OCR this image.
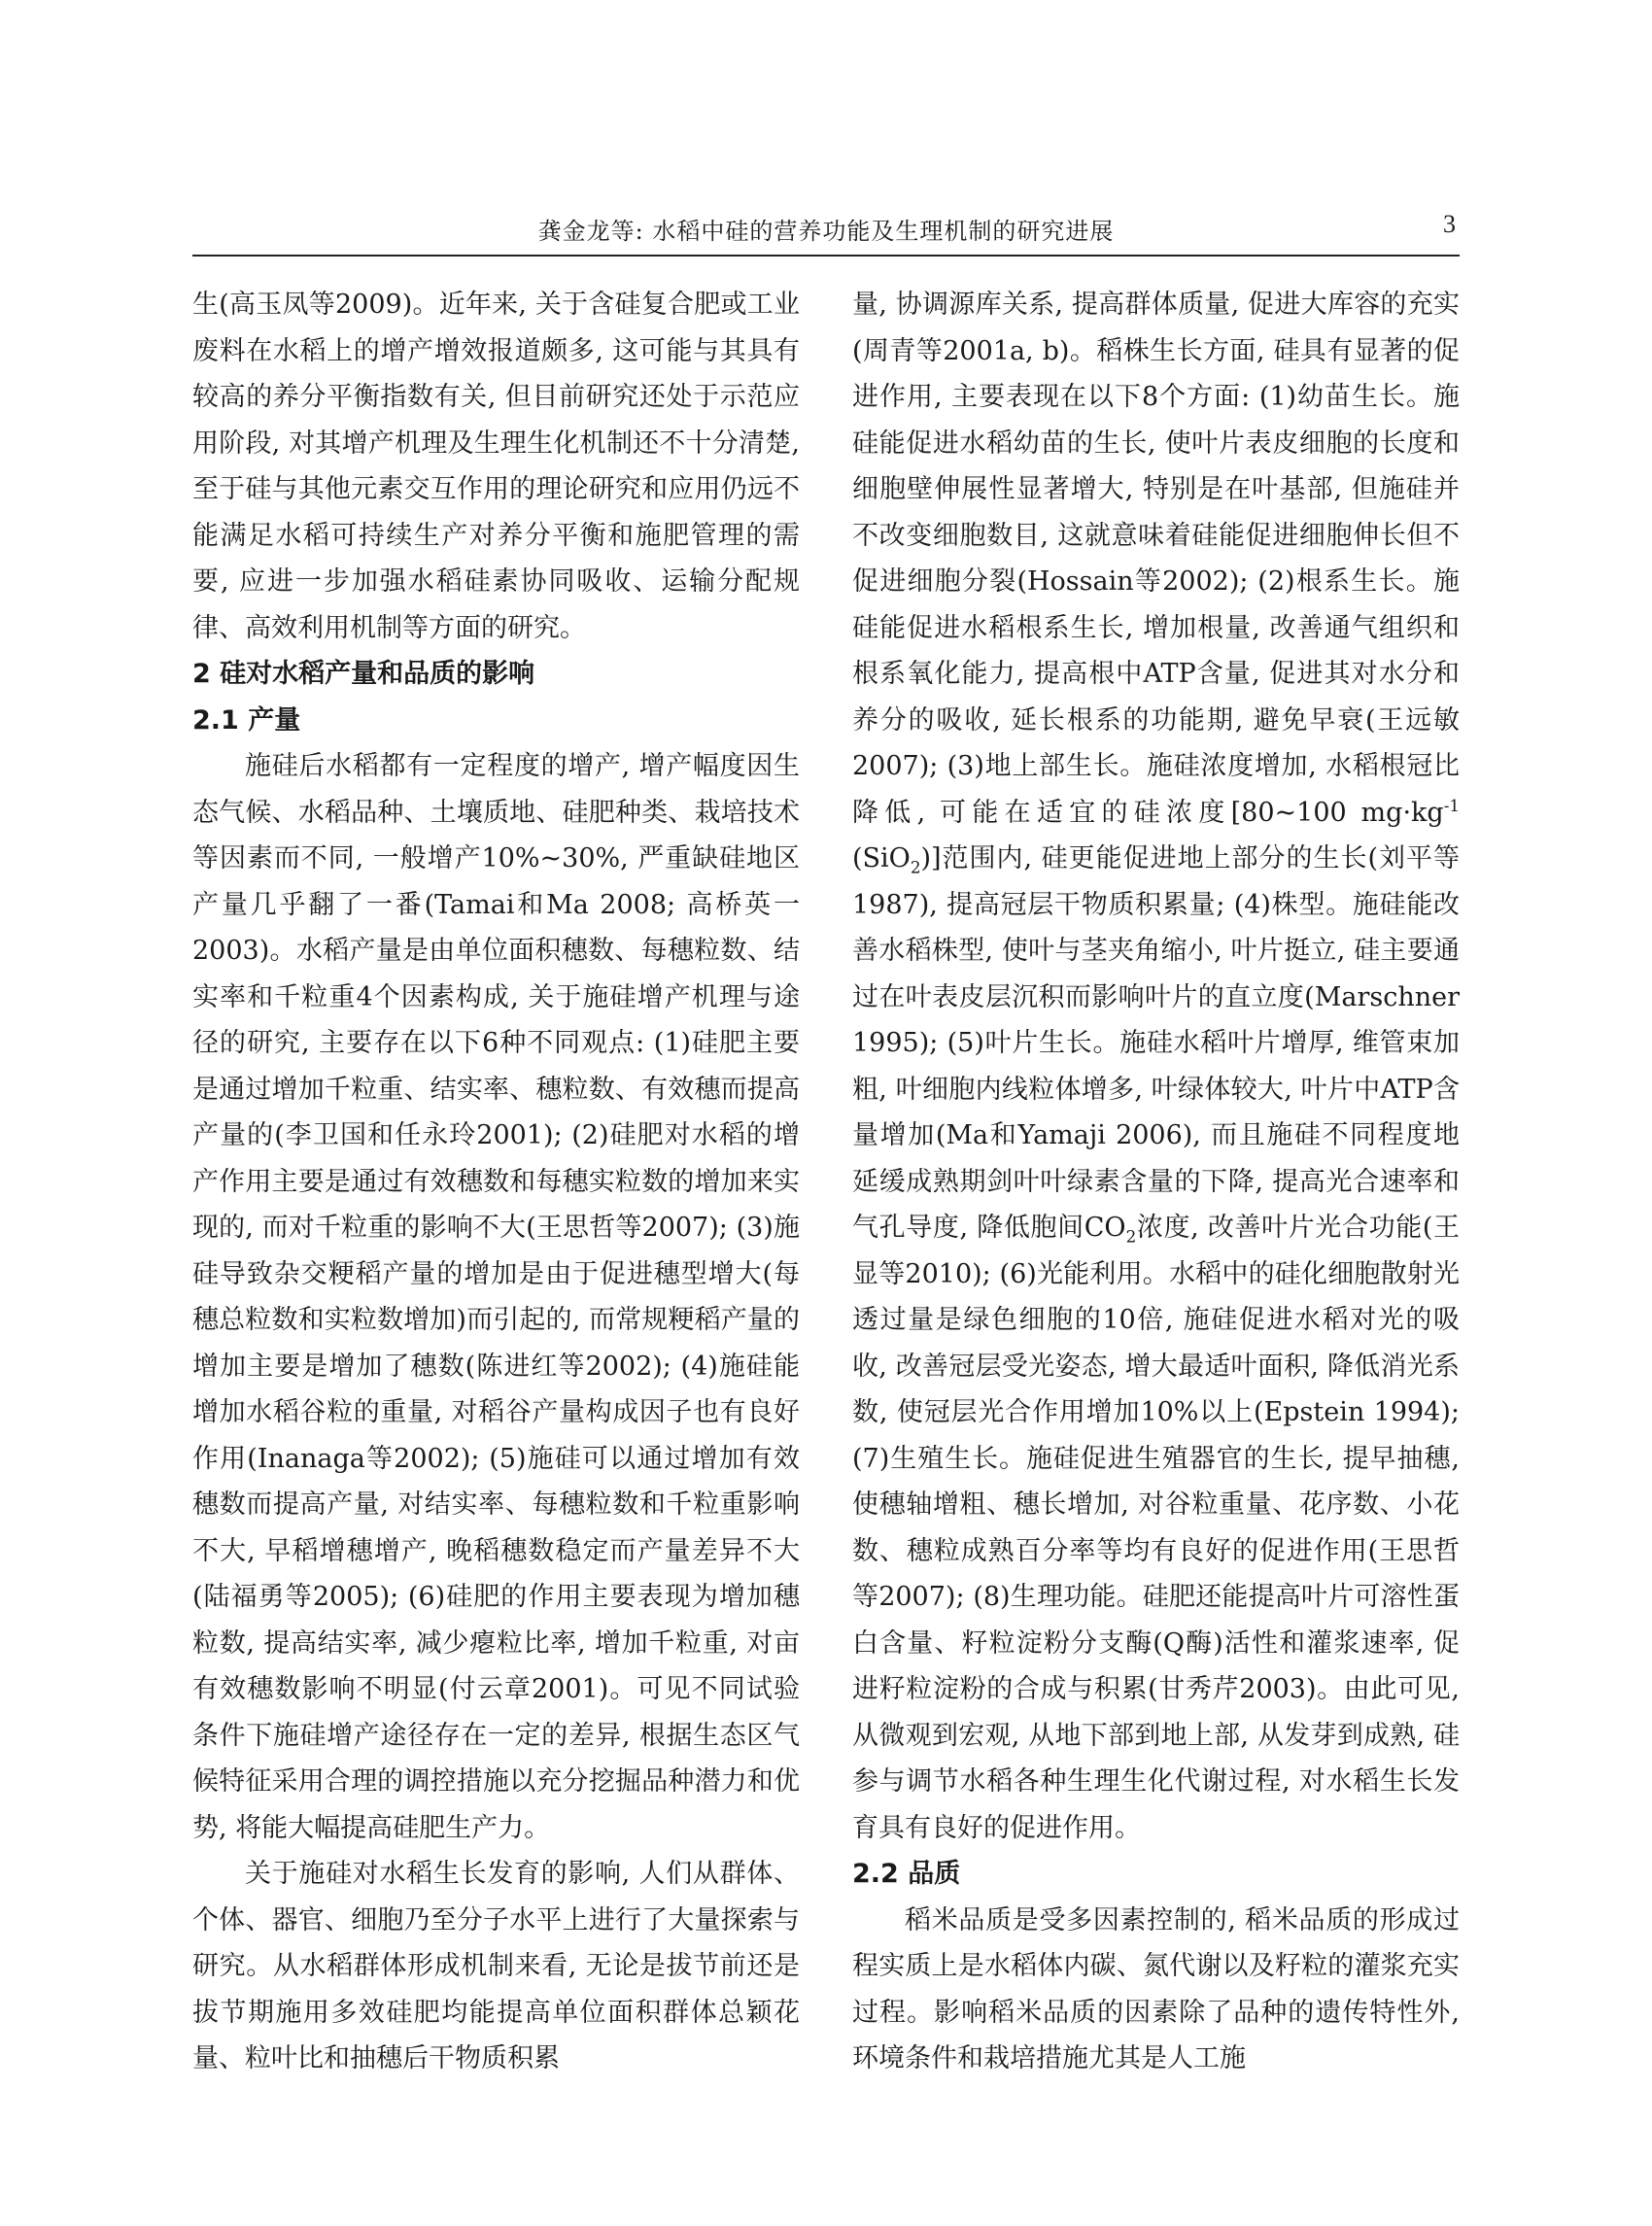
龚金龙等: 水稻中硅的营养功能及生理机制的研究进展	3

生(高玉凤等2009)。近年来, 关于含硅复合肥或工业废料在水稻上的增产增效报道颇多, 这可能与其具有较高的养分平衡指数有关, 但目前研究还处于示范应用阶段, 对其增产机理及生理生化机制还不十分清楚, 至于硅与其他元素交互作用的理论研究和应用仍远不能满足水稻可持续生产对养分平衡和施肥管理的需要, 应进一步加强水稻硅素协同吸收、运输分配规律、高效利用机制等方面的研究。

2 硅对水稻产量和品质的影响
2.1 产量

施硅后水稻都有一定程度的增产, 增产幅度因生态气候、水稻品种、土壤质地、硅肥种类、栽培技术等因素而不同, 一般增产10%~30%, 严重缺硅地区产量几乎翻了一番(Tamai和Ma 2008; 高桥英一2003)。水稻产量是由单位面积穗数、每穗粒数、结实率和千粒重4个因素构成, 关于施硅增产机理与途径的研究, 主要存在以下6种不同观点: (1)硅肥主要是通过增加千粒重、结实率、穗粒数、有效穗而提高产量的(李卫国和任永玲2001); (2)硅肥对水稻的增产作用主要是通过有效穗数和每穗实粒数的增加来实现的, 而对千粒重的影响不大(王思哲等2007); (3)施硅导致杂交粳稻产量的增加是由于促进穗型增大(每穗总粒数和实粒数增加)而引起的, 而常规粳稻产量的增加主要是增加了穗数(陈进红等2002); (4)施硅能增加水稻谷粒的重量, 对稻谷产量构成因子也有良好作用(Inanaga等2002); (5)施硅可以通过增加有效穗数而提高产量, 对结实率、每穗粒数和千粒重影响不大, 早稻增穗增产, 晚稻穗数稳定而产量差异不大(陆福勇等2005); (6)硅肥的作用主要表现为增加穗粒数, 提高结实率, 减少瘪粒比率, 增加千粒重, 对亩有效穗数影响不明显(付云章2001)。可见不同试验条件下施硅增产途径存在一定的差异, 根据生态区气候特征采用合理的调控措施以充分挖掘品种潜力和优势, 将能大幅提高硅肥生产力。

关于施硅对水稻生长发育的影响, 人们从群体、个体、器官、细胞乃至分子水平上进行了大量探索与研究。从水稻群体形成机制来看, 无论是拔节前还是拔节期施用多效硅肥均能提高单位面积群体总颖花量、粒叶比和抽穗后干物质积累

量, 协调源库关系, 提高群体质量, 促进大库容的充实(周青等2001a, b)。稻株生长方面, 硅具有显著的促进作用, 主要表现在以下8个方面: (1)幼苗生长。施硅能促进水稻幼苗的生长, 使叶片表皮细胞的长度和细胞壁伸展性显著增大, 特别是在叶基部, 但施硅并不改变细胞数目, 这就意味着硅能促进细胞伸长但不促进细胞分裂(Hossain等2002); (2)根系生长。施硅能促进水稻根系生长, 增加根量, 改善通气组织和根系氧化能力, 提高根中ATP含量, 促进其对水分和养分的吸收, 延长根系的功能期, 避免早衰(王远敏2007); (3)地上部生长。施硅浓度增加, 水稻根冠比降低, 可能在适宜的硅浓度[80~100 $mg\cdot kg^{-1}$ (SiO$_2$)]范围内, 硅更能促进地上部分的生长(刘平等1987), 提高冠层干物质积累量; (4)株型。施硅能改善水稻株型, 使叶与茎夹角缩小, 叶片挺立, 硅主要通过在叶表皮层沉积而影响叶片的直立度(Marschner 1995); (5)叶片生长。施硅水稻叶片增厚, 维管束加粗, 叶细胞内线粒体增多, 叶绿体较大, 叶片中ATP含量增加(Ma和Yamaji 2006), 而且施硅不同程度地延缓成熟期剑叶叶绿素含量的下降, 提高光合速率和气孔导度, 降低胞间$CO_2$浓度, 改善叶片光合功能(王显等2010); (6)光能利用。水稻中的硅化细胞散射光透过量是绿色细胞的10倍, 施硅促进水稻对光的吸收, 改善冠层受光姿态, 增大最适叶面积, 降低消光系数, 使冠层光合作用增加10%以上(Epstein 1994); (7)生殖生长。施硅促进生殖器官的生长, 提早抽穗, 使穗轴增粗、穗长增加, 对谷粒重量、花序数、小花数、穗粒成熟百分率等均有良好的促进作用(王思哲等2007); (8)生理功能。硅肥还能提高叶片可溶性蛋白含量、籽粒淀粉分支酶(Q酶)活性和灌浆速率, 促进籽粒淀粉的合成与积累(甘秀芹2003)。由此可见, 从微观到宏观, 从地下部到地上部, 从发芽到成熟, 硅参与调节水稻各种生理生化代谢过程, 对水稻生长发育具有良好的促进作用。

2.2 品质

稻米品质是受多因素控制的, 稻米品质的形成过程实质上是水稻体内碳、氮代谢以及籽粒的灌浆充实过程。影响稻米品质的因素除了品种的遗传特性外, 环境条件和栽培措施尤其是人工施
